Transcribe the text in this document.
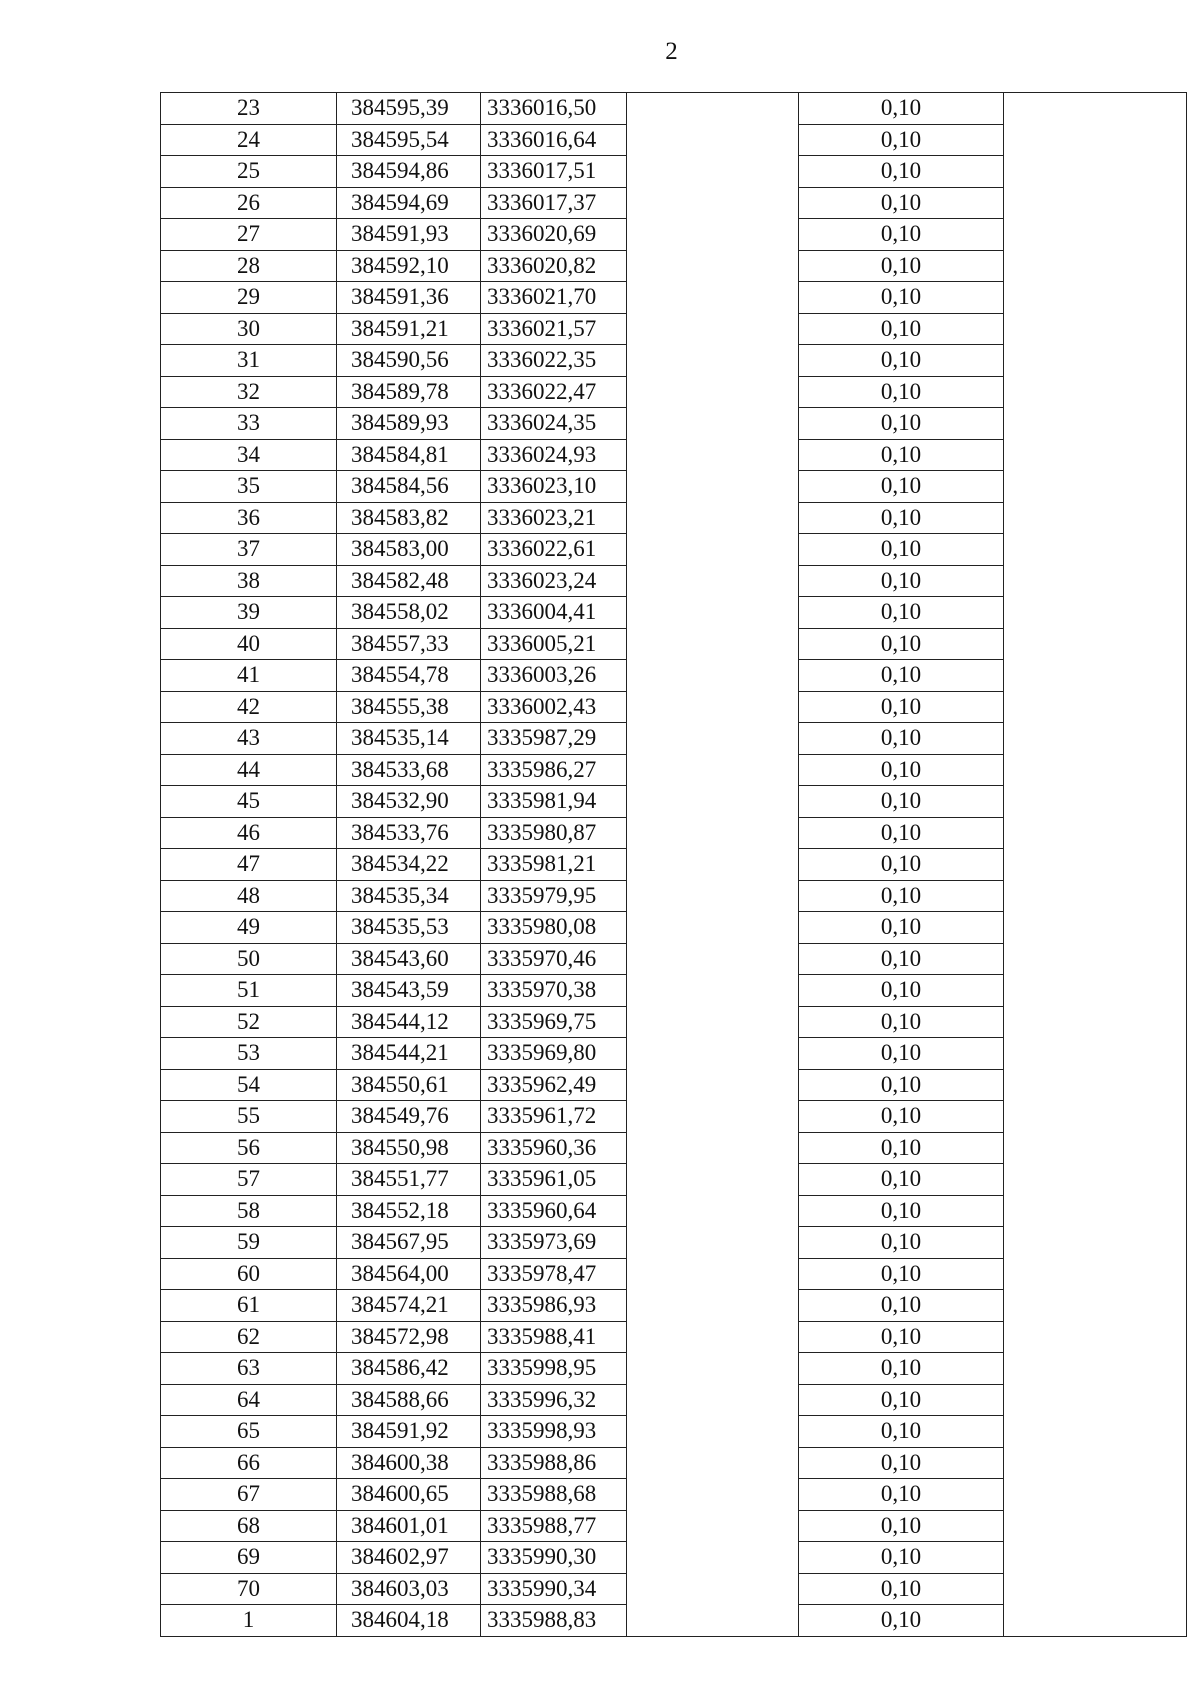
2
23	384595,39	3336016,50		0,10	
24	384595,54	3336016,64		0,10	
25	384594,86	3336017,51		0,10	
26	384594,69	3336017,37		0,10	
27	384591,93	3336020,69		0,10	
28	384592,10	3336020,82		0,10	
29	384591,36	3336021,70		0,10	
30	384591,21	3336021,57		0,10	
31	384590,56	3336022,35		0,10	
32	384589,78	3336022,47		0,10	
33	384589,93	3336024,35		0,10	
34	384584,81	3336024,93		0,10	
35	384584,56	3336023,10		0,10	
36	384583,82	3336023,21		0,10	
37	384583,00	3336022,61		0,10	
38	384582,48	3336023,24		0,10	
39	384558,02	3336004,41		0,10	
40	384557,33	3336005,21		0,10	
41	384554,78	3336003,26		0,10	
42	384555,38	3336002,43		0,10	
43	384535,14	3335987,29		0,10	
44	384533,68	3335986,27		0,10	
45	384532,90	3335981,94		0,10	
46	384533,76	3335980,87		0,10	
47	384534,22	3335981,21		0,10	
48	384535,34	3335979,95		0,10	
49	384535,53	3335980,08		0,10	
50	384543,60	3335970,46		0,10	
51	384543,59	3335970,38		0,10	
52	384544,12	3335969,75		0,10	
53	384544,21	3335969,80		0,10	
54	384550,61	3335962,49		0,10	
55	384549,76	3335961,72		0,10	
56	384550,98	3335960,36		0,10	
57	384551,77	3335961,05		0,10	
58	384552,18	3335960,64		0,10	
59	384567,95	3335973,69		0,10	
60	384564,00	3335978,47		0,10	
61	384574,21	3335986,93		0,10	
62	384572,98	3335988,41		0,10	
63	384586,42	3335998,95		0,10	
64	384588,66	3335996,32		0,10	
65	384591,92	3335998,93		0,10	
66	384600,38	3335988,86		0,10	
67	384600,65	3335988,68		0,10	
68	384601,01	3335988,77		0,10	
69	384602,97	3335990,30		0,10	
70	384603,03	3335990,34		0,10	
1	384604,18	3335988,83		0,10	
